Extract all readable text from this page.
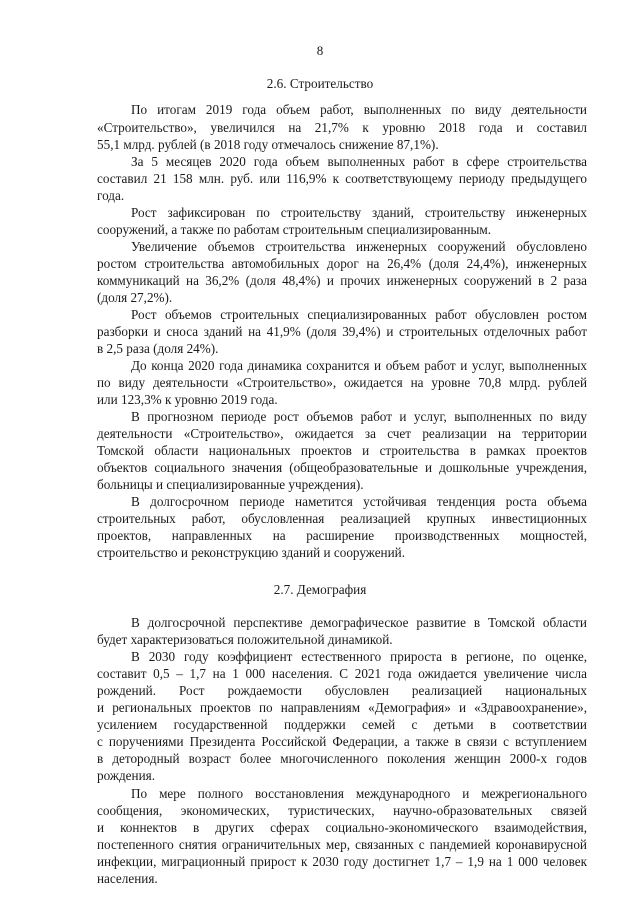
8
2.6. Строительство
По итогам 2019 года объем работ, выполненных по виду деятельности
«Строительство», увеличился на 21,7% к уровню 2018 года и составил
55,1 млрд. рублей (в 2018 году отмечалось снижение 87,1%).
За 5 месяцев 2020 года объем выполненных работ в сфере строительства
составил 21 158 млн. руб. или 116,9% к соответствующему периоду предыдущего
года.
Рост зафиксирован по строительству зданий, строительству инженерных
сооружений, а также по работам строительным специализированным.
Увеличение объемов строительства инженерных сооружений обусловлено
ростом строительства автомобильных дорог на 26,4% (доля 24,4%), инженерных
коммуникаций на 36,2% (доля 48,4%) и прочих инженерных сооружений в 2 раза
(доля 27,2%).
Рост объемов строительных специализированных работ обусловлен ростом
разборки и сноса зданий на 41,9% (доля 39,4%) и строительных отделочных работ
в 2,5 раза (доля 24%).
До конца 2020 года динамика сохранится и объем работ и услуг, выполненных
по виду деятельности «Строительство», ожидается на уровне 70,8 млрд. рублей
или 123,3% к уровню 2019 года.
В прогнозном периоде рост объемов работ и услуг, выполненных по виду
деятельности «Строительство», ожидается за счет реализации на территории
Томской области национальных проектов и строительства в рамках проектов
объектов социального значения (общеобразовательные и дошкольные учреждения,
больницы и специализированные учреждения).
В долгосрочном периоде наметится устойчивая тенденция роста объема
строительных работ, обусловленная реализацией крупных инвестиционных
проектов, направленных на расширение производственных мощностей,
строительство и реконструкцию зданий и сооружений.
2.7. Демография
В долгосрочной перспективе демографическое развитие в Томской области
будет характеризоваться положительной динамикой.
В 2030 году коэффициент естественного прироста в регионе, по оценке,
составит 0,5 – 1,7 на 1 000 населения. С 2021 года ожидается увеличение числа
рождений. Рост рождаемости обусловлен реализацией национальных
и региональных проектов по направлениям «Демография» и «Здравоохранение»,
усилением государственной поддержки семей с детьми в соответствии
с поручениями Президента Российской Федерации, а также в связи с вступлением
в детородный возраст более многочисленного поколения женщин 2000-х годов
рождения.
По мере полного восстановления международного и межрегионального
сообщения, экономических, туристических, научно-образовательных связей
и коннектов в других сферах социально-экономического взаимодействия,
постепенного снятия ограничительных мер, связанных с пандемией коронавирусной
инфекции, миграционный прирост к 2030 году достигнет 1,7 – 1,9 на 1 000 человек
населения.
